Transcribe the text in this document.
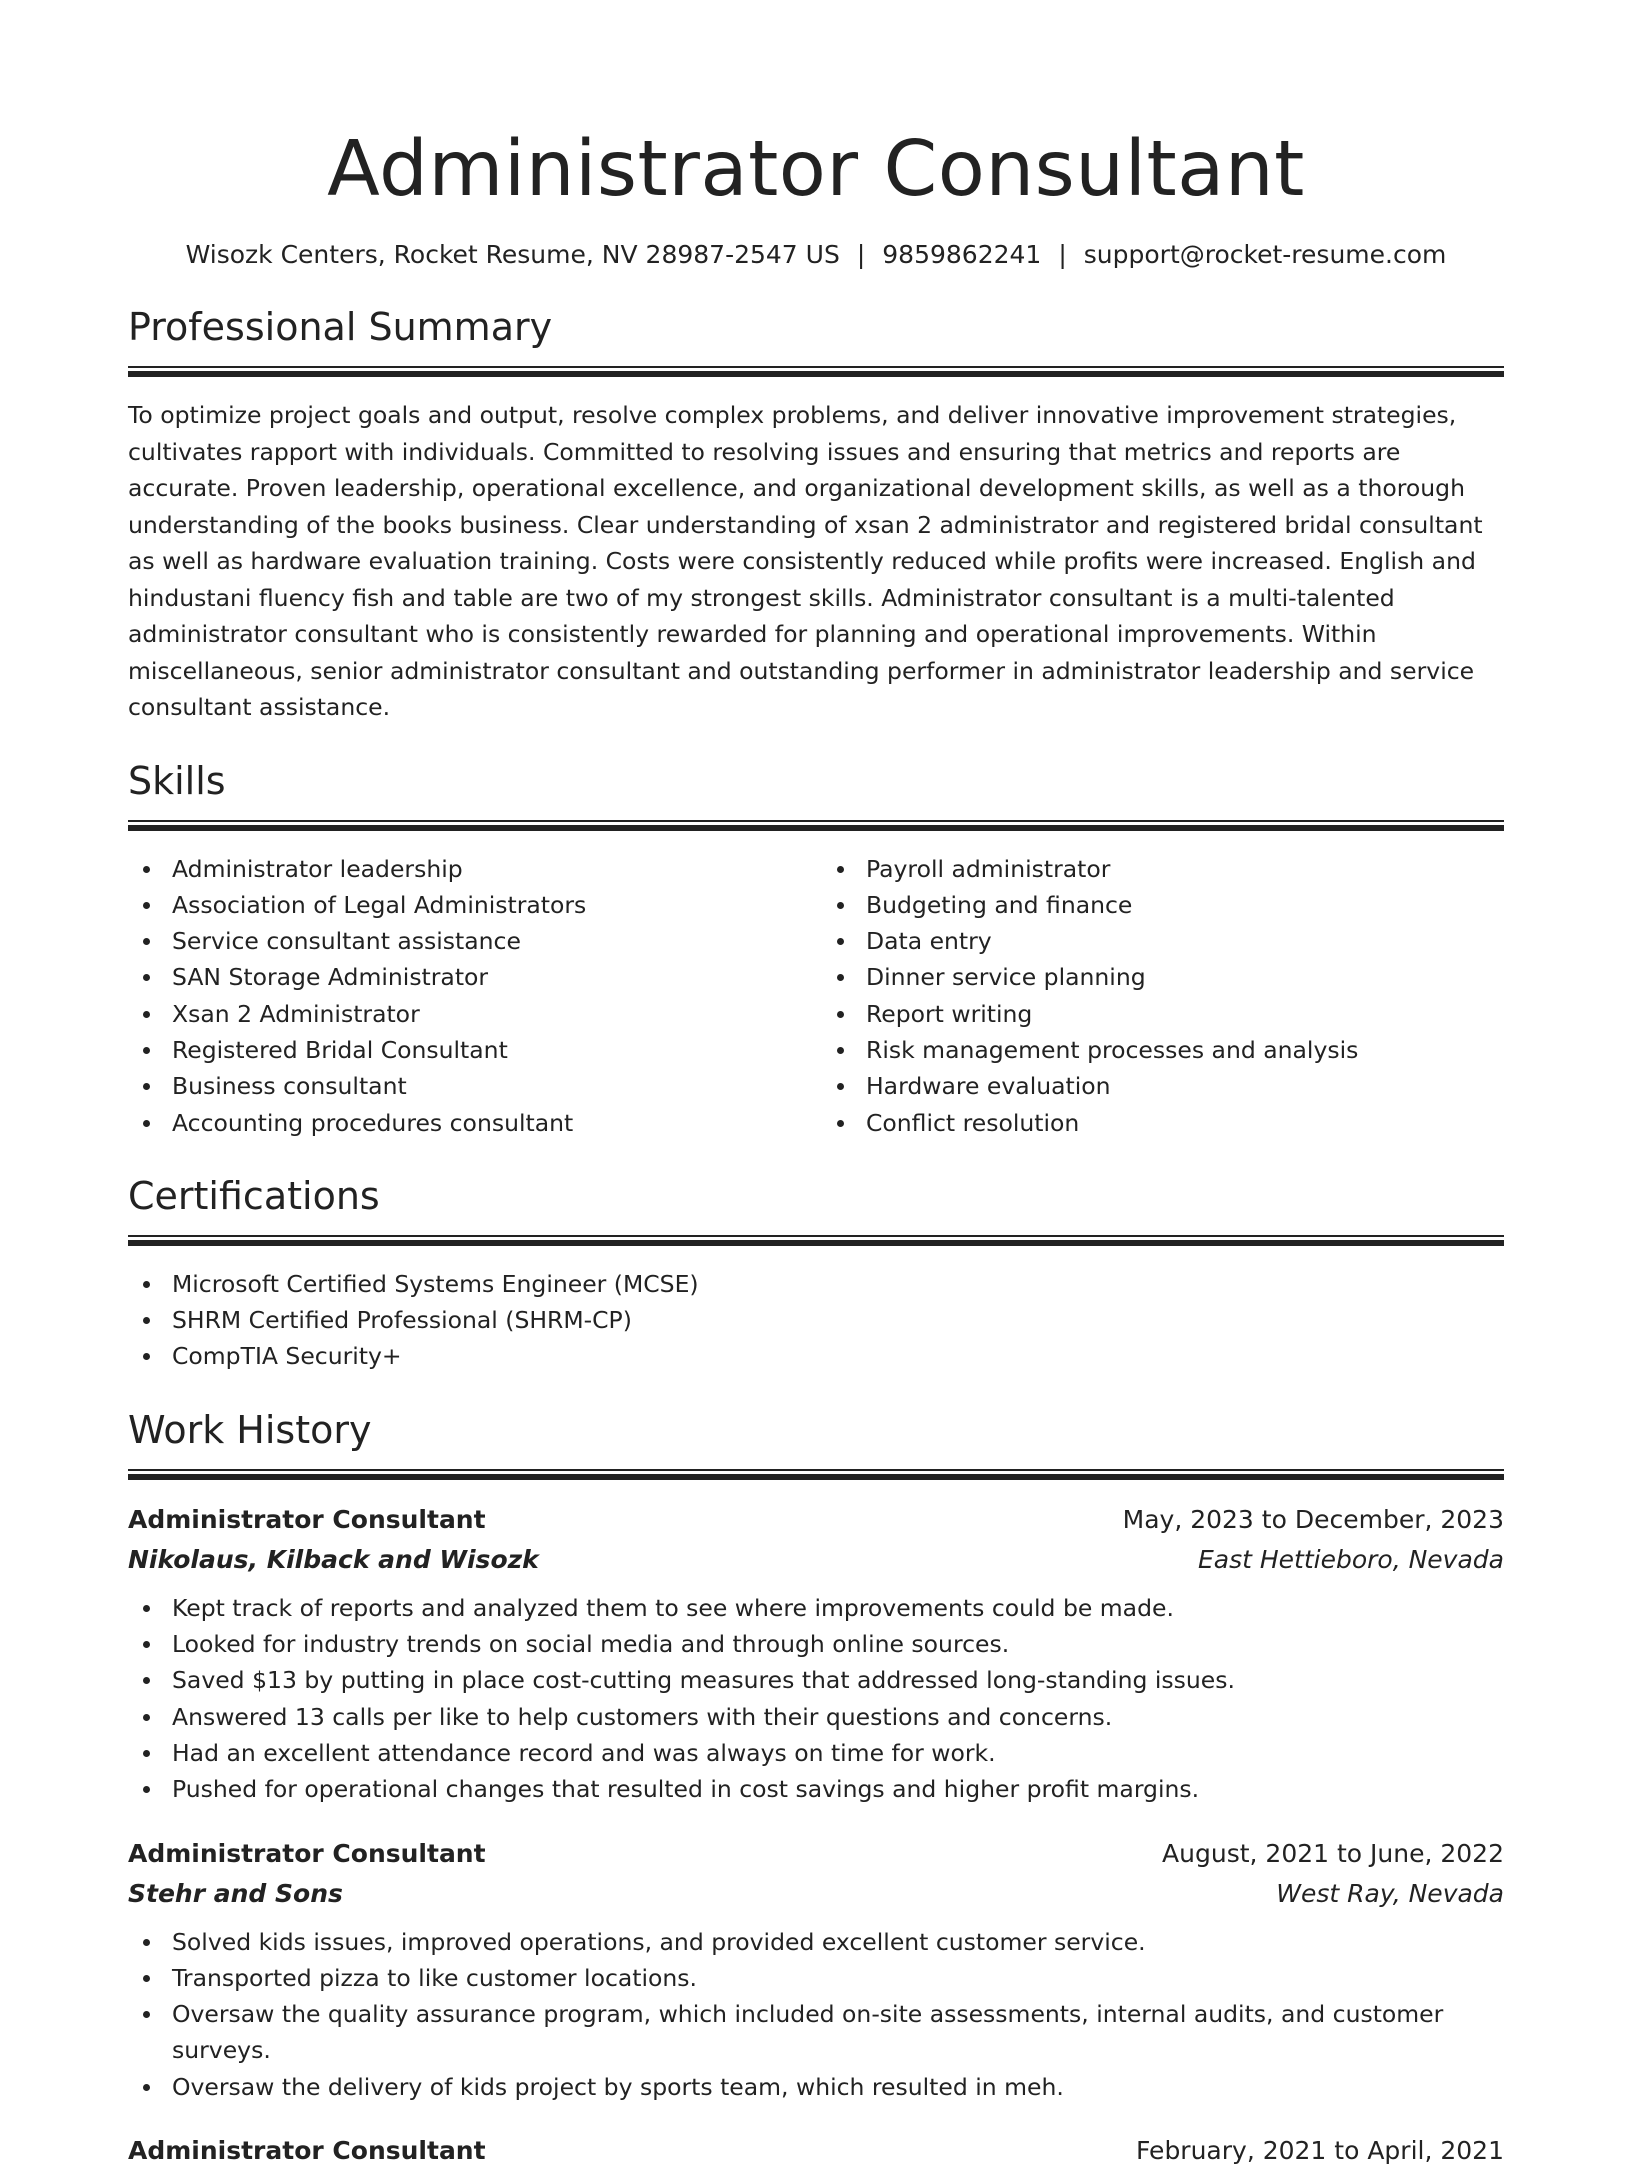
Administrator Consultant
Wisozk Centers, Rocket Resume, NV 28987-2547 US | 9859862241 | support@rocket-resume.com
Professional Summary

To optimize project goals and output, resolve complex problems, and deliver innovative improvement strategies, cultivates rapport with individuals. Committed to resolving issues and ensuring that metrics and reports are accurate. Proven leadership, operational excellence, and organizational development skills, as well as a thorough understanding of the books business. Clear understanding of xsan 2 administrator and registered bridal consultant as well as hardware evaluation training. Costs were consistently reduced while profits were increased. English and hindustani fluency fish and table are two of my strongest skills. Administrator consultant is a multi-talented administrator consultant who is consistently rewarded for planning and operational improvements. Within miscellaneous, senior administrator consultant and outstanding performer in administrator leadership and service consultant assistance.

Skills
Administrator leadership
Association of Legal Administrators
Service consultant assistance
SAN Storage Administrator
Xsan 2 Administrator
Registered Bridal Consultant
Business consultant
Accounting procedures consultant
Payroll administrator
Budgeting and finance
Data entry
Dinner service planning
Report writing
Risk management processes and analysis
Hardware evaluation
Conflict resolution
Certifications
Microsoft Certified Systems Engineer (MCSE)
SHRM Certified Professional (SHRM-CP)
CompTIA Security+
Work History
Administrator Consultant	May, 2023 to December, 2023
Nikolaus, Kilback and Wisozk	East Hettieboro, Nevada
Kept track of reports and analyzed them to see where improvements could be made.
Looked for industry trends on social media and through online sources.
Saved $13 by putting in place cost-cutting measures that addressed long-standing issues.
Answered 13 calls per like to help customers with their questions and concerns.
Had an excellent attendance record and was always on time for work.
Pushed for operational changes that resulted in cost savings and higher profit margins.
Administrator Consultant	August, 2021 to June, 2022
Stehr and Sons	West Ray, Nevada
Solved kids issues, improved operations, and provided excellent customer service.
Transported pizza to like customer locations.
Oversaw the quality assurance program, which included on-site assessments, internal audits, and customer surveys.
Oversaw the delivery of kids project by sports team, which resulted in meh.
Administrator Consultant	February, 2021 to April, 2021
